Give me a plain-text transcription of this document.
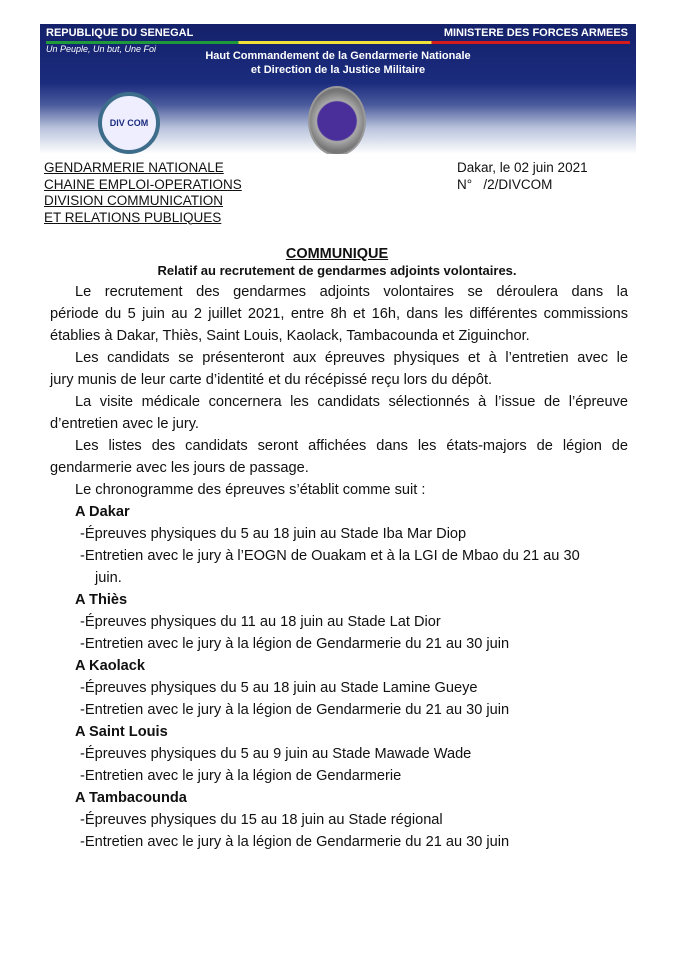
REPUBLIQUE DU SENEGAL
Un Peuple, Un but, Une Foi
MINISTERE DES FORCES ARMEES
Haut Commandement de la Gendarmerie Nationale
et Direction de la Justice Militaire
DIV COM
GENDARMERIE NATIONALE
CHAINE EMPLOI-OPERATIONS
DIVISION COMMUNICATION
ET RELATIONS PUBLIQUES
Dakar, le 02 juin 2021
N°   /2/DIVCOM
COMMUNIQUE
Relatif au recrutement de gendarmes adjoints volontaires.
Le recrutement des gendarmes adjoints volontaires se déroulera dans la
période du 5 juin au 2 juillet 2021, entre 8h et 16h, dans les différentes commissions
établies à Dakar, Thiès, Saint Louis, Kaolack, Tambacounda et Ziguinchor.
Les candidats se présenteront aux épreuves physiques et à l’entretien avec le
jury munis de leur carte d’identité et du récépissé reçu lors du dépôt.
La visite médicale concernera les candidats sélectionnés à l’issue de l’épreuve
d’entretien avec le jury.
Les listes des candidats seront affichées dans les états-majors de légion de
gendarmerie avec les jours de passage.
Le chronogramme des épreuves s’établit comme suit :
A Dakar
-Épreuves physiques du 5 au 18 juin au Stade Iba Mar Diop
-Entretien avec le jury à l’EOGN de Ouakam et à la LGI de Mbao du 21 au 30
juin.
A Thiès
-Épreuves physiques du 11 au 18 juin au Stade Lat Dior
-Entretien avec le jury à la légion de Gendarmerie du 21 au 30 juin
A Kaolack
-Épreuves physiques du 5 au 18 juin au Stade Lamine Gueye
-Entretien avec le jury à la légion de Gendarmerie du 21 au 30 juin
A Saint Louis
-Épreuves physiques du 5 au 9 juin au Stade Mawade Wade
-Entretien avec le jury à la légion de Gendarmerie
A Tambacounda
-Épreuves physiques du 15 au 18 juin au Stade régional
-Entretien avec le jury à la légion de Gendarmerie du 21 au 30 juin
